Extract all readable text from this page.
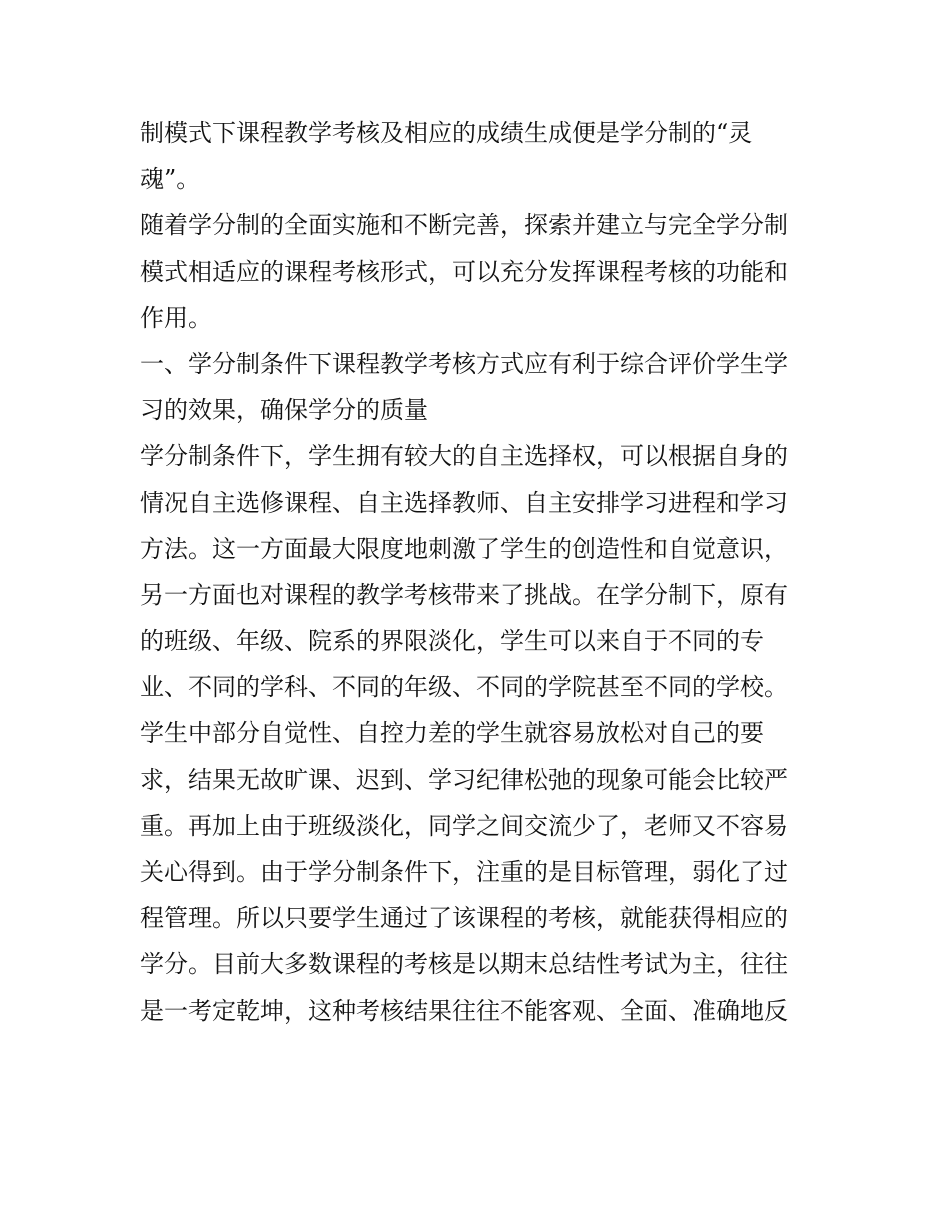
制模式下课程教学考核及相应的成绩生成便是学分制的“灵
魂”。
随着学分制的全面实施和不断完善，探索并建立与完全学分制
模式相适应的课程考核形式，可以充分发挥课程考核的功能和
作用。
一、学分制条件下课程教学考核方式应有利于综合评价学生学
习的效果，确保学分的质量
学分制条件下，学生拥有较大的自主选择权，可以根据自身的
情况自主选修课程、自主选择教师、自主安排学习进程和学习
方法。这一方面最大限度地刺激了学生的创造性和自觉意识，
另一方面也对课程的教学考核带来了挑战。在学分制下，原有
的班级、年级、院系的界限淡化，学生可以来自于不同的专
业、不同的学科、不同的年级、不同的学院甚至不同的学校。
学生中部分自觉性、自控力差的学生就容易放松对自己的要
求，结果无故旷课、迟到、学习纪律松弛的现象可能会比较严
重。再加上由于班级淡化，同学之间交流少了，老师又不容易
关心得到。由于学分制条件下，注重的是目标管理，弱化了过
程管理。所以只要学生通过了该课程的考核，就能获得相应的
学分。目前大多数课程的考核是以期末总结性考试为主，往往
是一考定乾坤，这种考核结果往往不能客观、全面、准确地反
